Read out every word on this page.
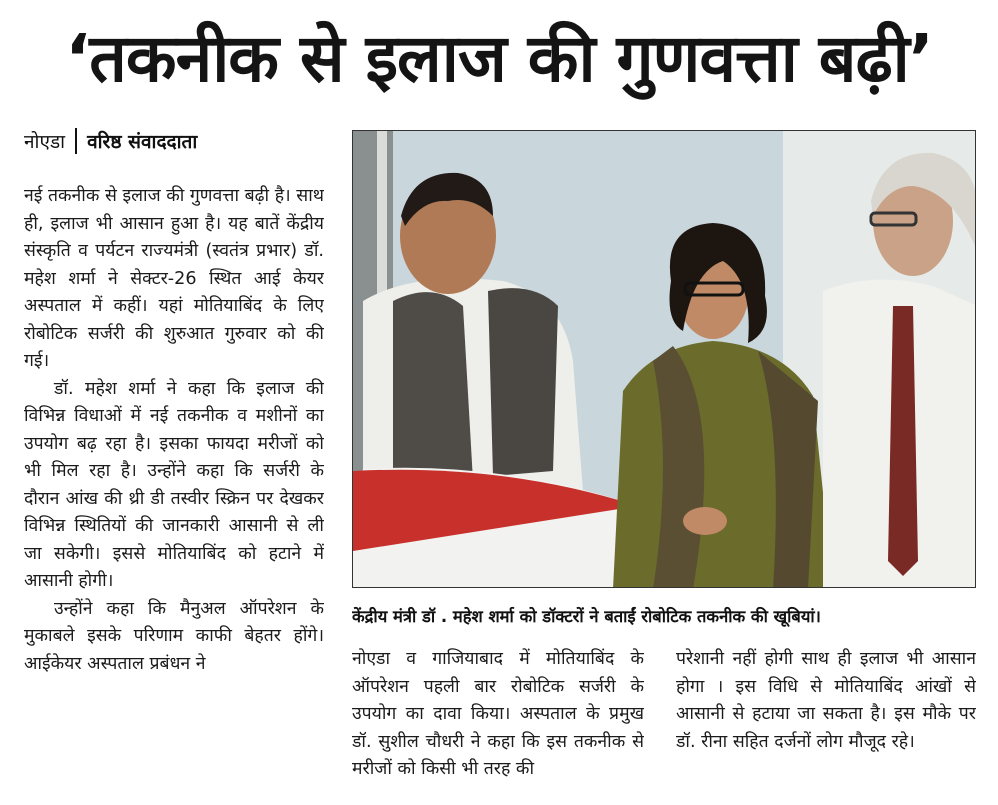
‘तकनीक से इलाज की गुणवत्ता बढ़ी’
नोएडा वरिष्ठ संवाददाता

नई तकनीक से इलाज की गुणवत्ता बढ़ी है। साथ ही, इलाज भी आसान हुआ है। यह बातें केंद्रीय संस्कृति व पर्यटन राज्यमंत्री (स्वतंत्र प्रभार) डॉ. महेश शर्मा ने सेक्टर-26 स्थित आई केयर अस्पताल में कहीं। यहां मोतियाबिंद के लिए रोबोटिक सर्जरी की शुरुआत गुरुवार को की गई।

डॉ. महेश शर्मा ने कहा कि इलाज की विभिन्न विधाओं में नई तकनीक व मशीनों का उपयोग बढ़ रहा है। इसका फायदा मरीजों को भी मिल रहा है। उन्होंने कहा कि सर्जरी के दौरान आंख की थ्री डी तस्वीर स्क्रिन पर देखकर विभिन्न स्थितियों की जानकारी आसानी से ली जा सकेगी। इससे मोतियाबिंद को हटाने में आसानी होगी।

उन्होंने कहा कि मैनुअल ऑपरेशन के मुकाबले इसके परिणाम काफी बेहतर होंगे। आईकेयर अस्पताल प्रबंधन ने

केंद्रीय मंत्री डॉ . महेश शर्मा को डॉक्टरों ने बताईं रोबोटिक तकनीक की खूबियां।

नोएडा व गाजियाबाद में मोतियाबिंद के ऑपरेशन पहली बार रोबोटिक सर्जरी के उपयोग का दावा किया। अस्पताल के प्रमुख डॉ. सुशील चौधरी ने कहा कि इस तकनीक से मरीजों को किसी भी तरह की

परेशानी नहीं होगी साथ ही इलाज भी आसान होगा । इस विधि से मोतियाबिंद आंखों से आसानी से हटाया जा सकता है। इस मौके पर डॉ. रीना सहित दर्जनों लोग मौजूद रहे।
